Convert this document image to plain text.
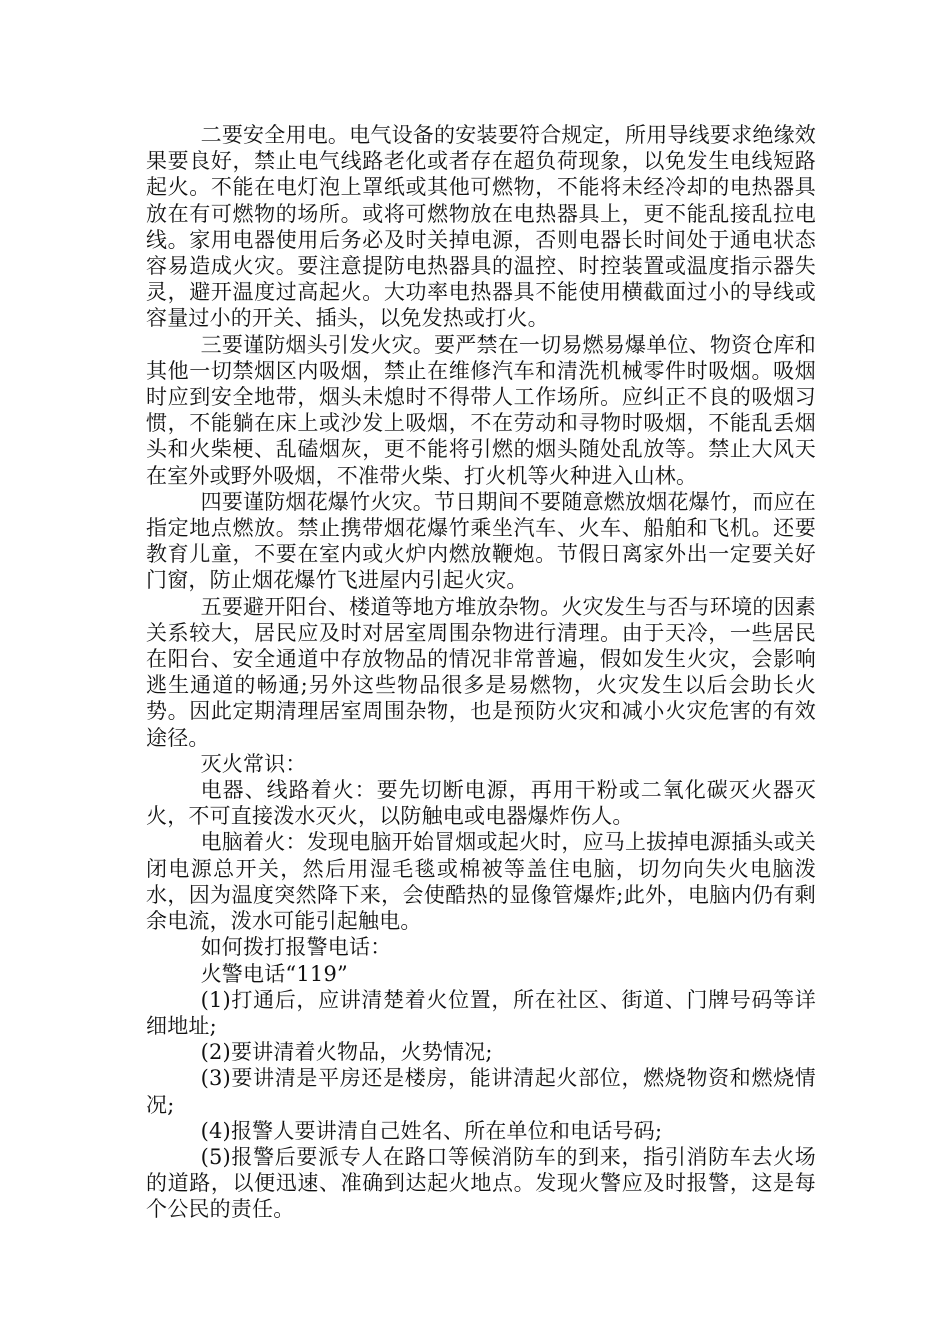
二要安全用电。电气设备的安装要符合规定，所用导线要求绝缘效果要良好，禁止电气线路老化或者存在超负荷现象，以免发生电线短路起火。不能在电灯泡上罩纸或其他可燃物，不能将未经冷却的电热器具放在有可燃物的场所。或将可燃物放在电热器具上，更不能乱接乱拉电线。家用电器使用后务必及时关掉电源，否则电器长时间处于通电状态容易造成火灾。要注意提防电热器具的温控、时控装置或温度指示器失灵，避开温度过高起火。大功率电热器具不能使用横截面过小的导线或容量过小的开关、插头，以免发热或打火。

三要谨防烟头引发火灾。要严禁在一切易燃易爆单位、物资仓库和其他一切禁烟区内吸烟，禁止在维修汽车和清洗机械零件时吸烟。吸烟时应到安全地带，烟头未熄时不得带人工作场所。应纠正不良的吸烟习惯，不能躺在床上或沙发上吸烟，不在劳动和寻物时吸烟，不能乱丢烟头和火柴梗、乱磕烟灰，更不能将引燃的烟头随处乱放等。禁止大风天在室外或野外吸烟，不准带火柴、打火机等火种进入山林。

四要谨防烟花爆竹火灾。节日期间不要随意燃放烟花爆竹，而应在指定地点燃放。禁止携带烟花爆竹乘坐汽车、火车、船舶和飞机。还要教育儿童，不要在室内或火炉内燃放鞭炮。节假日离家外出一定要关好门窗，防止烟花爆竹飞进屋内引起火灾。

五要避开阳台、楼道等地方堆放杂物。火灾发生与否与环境的因素关系较大，居民应及时对居室周围杂物进行清理。由于天冷，一些居民在阳台、安全通道中存放物品的情况非常普遍，假如发生火灾，会影响逃生通道的畅通;另外这些物品很多是易燃物，火灾发生以后会助长火势。因此定期清理居室周围杂物，也是预防火灾和减小火灾危害的有效途径。

灭火常识：

电器、线路着火：要先切断电源，再用干粉或二氧化碳灭火器灭火，不可直接泼水灭火，以防触电或电器爆炸伤人。

电脑着火：发现电脑开始冒烟或起火时，应马上拔掉电源插头或关闭电源总开关，然后用湿毛毯或棉被等盖住电脑，切勿向失火电脑泼水，因为温度突然降下来，会使酷热的显像管爆炸;此外，电脑内仍有剩余电流，泼水可能引起触电。

如何拨打报警电话：

火警电话“119”

(1)打通后，应讲清楚着火位置，所在社区、街道、门牌号码等详细地址;

(2)要讲清着火物品，火势情况;

(3)要讲清是平房还是楼房，能讲清起火部位，燃烧物资和燃烧情况;

(4)报警人要讲清自己姓名、所在单位和电话号码;

(5)报警后要派专人在路口等候消防车的到来，指引消防车去火场的道路，以便迅速、准确到达起火地点。发现火警应及时报警，这是每个公民的责任。
